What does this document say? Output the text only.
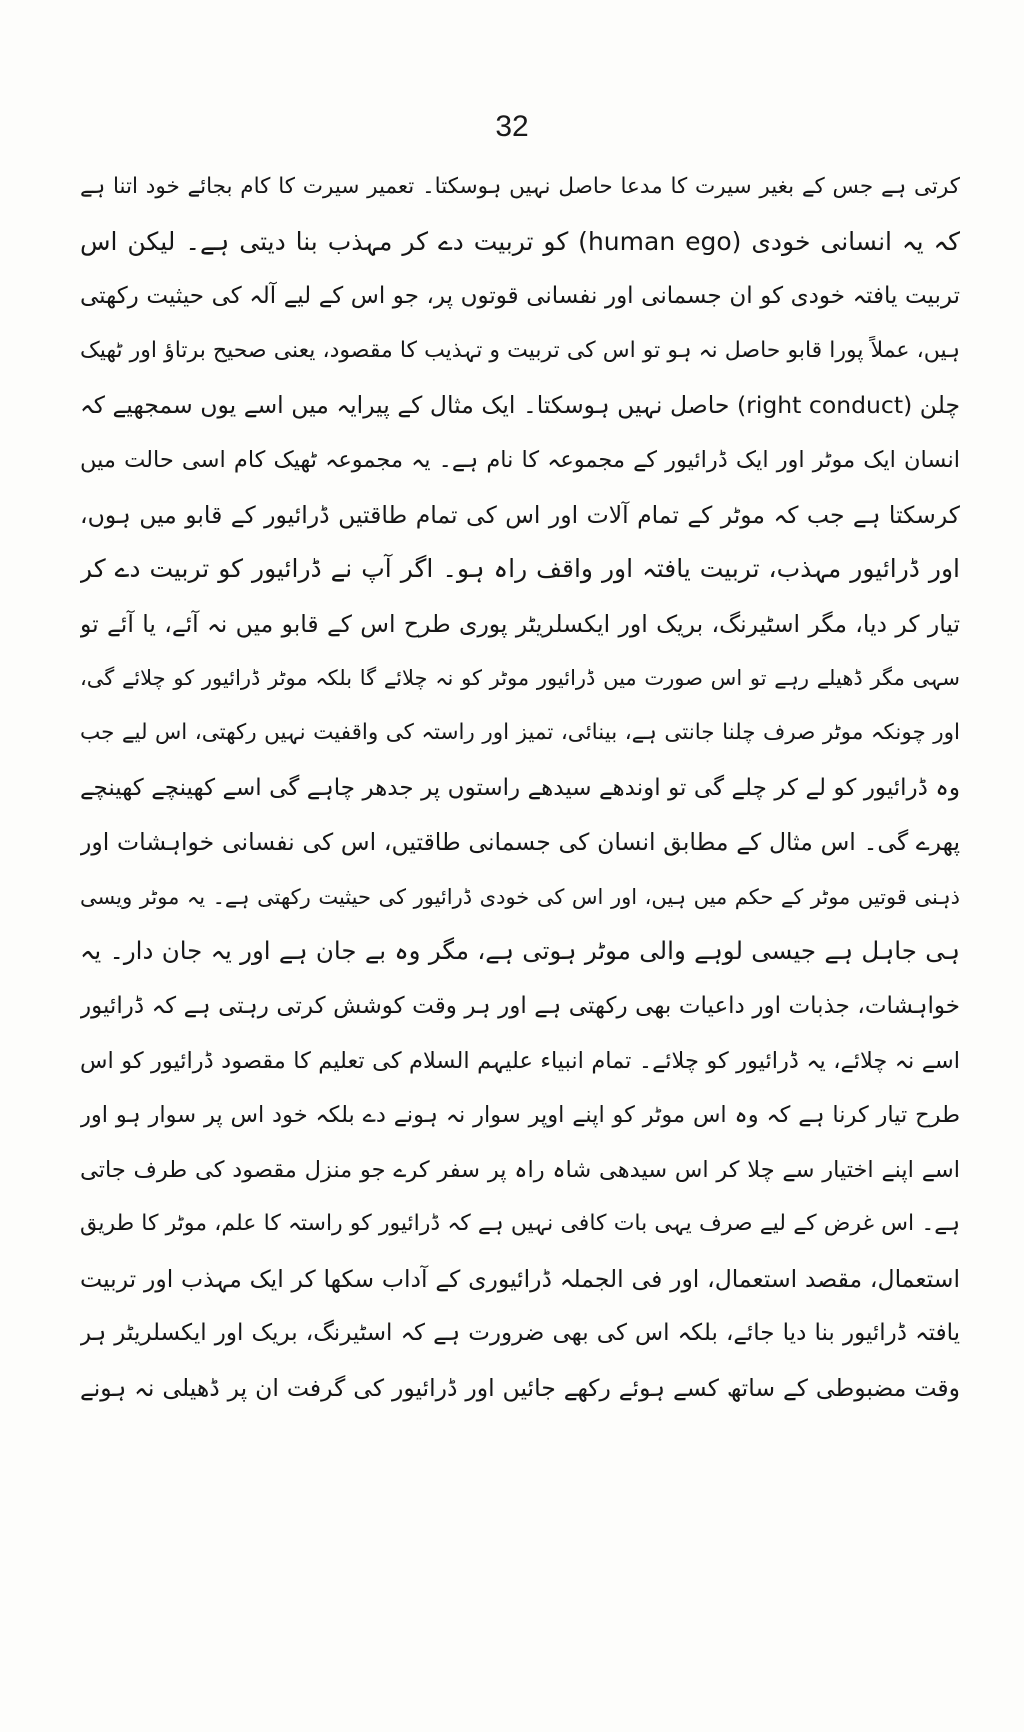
32
کرتی ہے جس کے بغیر سیرت کا مدعا حاصل نہیں ہوسکتا۔ تعمیر سیرت کا کام بجائے خود اتنا ہے
کہ یہ انسانی خودی (human ego) کو تربیت دے کر مہذب بنا دیتی ہے۔ لیکن اس
تربیت یافتہ خودی کو ان جسمانی اور نفسانی قوتوں پر، جو اس کے لیے آلہ کی حیثیت رکھتی
ہیں، عملاً پورا قابو حاصل نہ ہو تو اس کی تربیت و تہذیب کا مقصود، یعنی صحیح برتاؤ اور ٹھیک
چلن (right conduct) حاصل نہیں ہوسکتا۔ ایک مثال کے پیرایہ میں اسے یوں سمجھیے کہ
انسان ایک موٹر اور ایک ڈرائیور کے مجموعہ کا نام ہے۔ یہ مجموعہ ٹھیک کام اسی حالت میں
کرسکتا ہے جب کہ موٹر کے تمام آلات اور اس کی تمام طاقتیں ڈرائیور کے قابو میں ہوں،
اور ڈرائیور مہذب، تربیت یافتہ اور واقف راہ ہو۔ اگر آپ نے ڈرائیور کو تربیت دے کر
تیار کر دیا، مگر اسٹیرنگ، بریک اور ایکسلریٹر پوری طرح اس کے قابو میں نہ آئے، یا آئے تو
سہی مگر ڈھیلے رہے تو اس صورت میں ڈرائیور موٹر کو نہ چلائے گا بلکہ موٹر ڈرائیور کو چلائے گی،
اور چونکہ موٹر صرف چلنا جانتی ہے، بینائی، تمیز اور راستہ کی واقفیت نہیں رکھتی، اس لیے جب
وہ ڈرائیور کو لے کر چلے گی تو اوندھے سیدھے راستوں پر جدھر چاہے گی اسے کھینچے کھینچے
پھرے گی۔ اس مثال کے مطابق انسان کی جسمانی طاقتیں، اس کی نفسانی خواہشات اور
ذہنی قوتیں موٹر کے حکم میں ہیں، اور اس کی خودی ڈرائیور کی حیثیت رکھتی ہے۔ یہ موٹر ویسی
ہی جاہل ہے جیسی لوہے والی موٹر ہوتی ہے، مگر وہ بے جان ہے اور یہ جان دار۔ یہ
خواہشات، جذبات اور داعیات بھی رکھتی ہے اور ہر وقت کوشش کرتی رہتی ہے کہ ڈرائیور
اسے نہ چلائے، یہ ڈرائیور کو چلائے۔ تمام انبیاء علیہم السلام کی تعلیم کا مقصود ڈرائیور کو اس
طرح تیار کرنا ہے کہ وہ اس موٹر کو اپنے اوپر سوار نہ ہونے دے بلکہ خود اس پر سوار ہو اور
اسے اپنے اختیار سے چلا کر اس سیدھی شاہ راہ پر سفر کرے جو منزل مقصود کی طرف جاتی
ہے۔ اس غرض کے لیے صرف یہی بات کافی نہیں ہے کہ ڈرائیور کو راستہ کا علم، موٹر کا طریق
استعمال، مقصد استعمال، اور فی الجملہ ڈرائیوری کے آداب سکھا کر ایک مہذب اور تربیت
یافتہ ڈرائیور بنا دیا جائے، بلکہ اس کی بھی ضرورت ہے کہ اسٹیرنگ، بریک اور ایکسلریٹر ہر
وقت مضبوطی کے ساتھ کسے ہوئے رکھے جائیں اور ڈرائیور کی گرفت ان پر ڈھیلی نہ ہونے
